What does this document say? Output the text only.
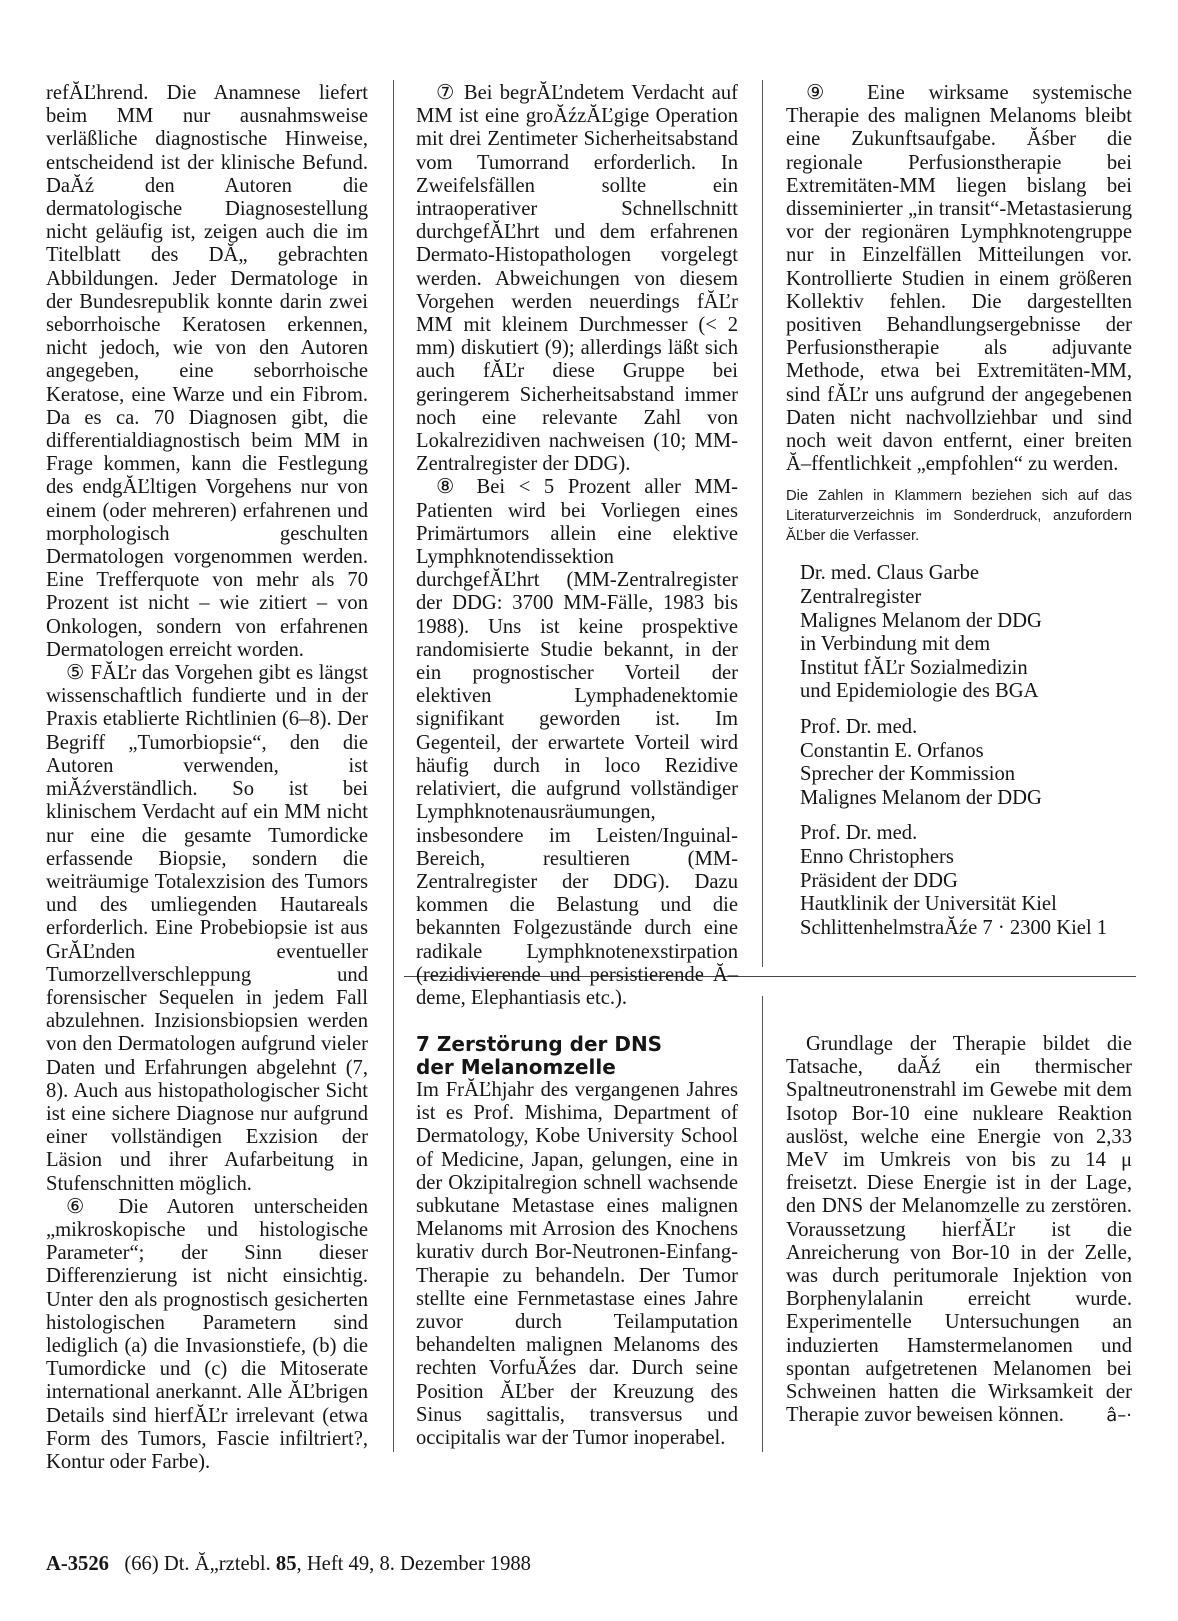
refĂĽhrend. Die Anamnese liefert beim MM nur ausnahmsweise verläßliche diagnostische Hinweise, entscheidend ist der klinische Befund. DaĂź den Autoren die dermatologische Diagnosestellung nicht geläufig ist, zeigen auch die im Titelblatt des DĂ„ gebrachten Abbildungen. Jeder Dermatologe in der Bundesrepublik konnte darin zwei seborrhoische Keratosen erkennen, nicht jedoch, wie von den Autoren angegeben, eine seborrhoische Keratose, eine Warze und ein Fibrom. Da es ca. 70 Diagnosen gibt, die differentialdiagnostisch beim MM in Frage kommen, kann die Festlegung des endgĂĽltigen Vorgehens nur von einem (oder mehreren) erfahrenen und morphologisch geschulten Dermatologen vorgenommen werden. Eine Trefferquote von mehr als 70 Prozent ist nicht – wie zitiert – von Onkologen, sondern von erfahrenen Dermatologen erreicht worden.

⑤ FĂĽr das Vorgehen gibt es längst wissenschaftlich fundierte und in der Praxis etablierte Richtlinien (6–8). Der Begriff „Tumorbiopsie“, den die Autoren verwenden, ist miĂźverständlich. So ist bei klinischem Verdacht auf ein MM nicht nur eine die gesamte Tumordicke erfassende Biopsie, sondern die weiträumige Totalexzision des Tumors und des umliegenden Hautareals erforderlich. Eine Probebiopsie ist aus GrĂĽnden eventueller Tumorzellverschleppung und forensischer Sequelen in jedem Fall abzulehnen. Inzisionsbiopsien werden von den Dermatologen aufgrund vieler Daten und Erfahrungen abgelehnt (7, 8). Auch aus histopathologischer Sicht ist eine sichere Diagnose nur aufgrund einer vollständigen Exzision der Läsion und ihrer Aufarbeitung in Stufenschnitten möglich.

⑥ Die Autoren unterscheiden „mikroskopische und histologische Parameter“; der Sinn dieser Differenzierung ist nicht einsichtig. Unter den als prognostisch gesicherten histologischen Parametern sind lediglich (a) die Invasionstiefe, (b) die Tumordicke und (c) die Mitoserate international anerkannt. Alle ĂĽbrigen Details sind hierfĂĽr irrelevant (etwa Form des Tumors, Fascie infiltriert?, Kontur oder Farbe).

⑦ Bei begrĂĽndetem Verdacht auf MM ist eine groĂźzĂĽgige Operation mit drei Zentimeter Sicherheitsabstand vom Tumorrand erforderlich. In Zweifelsfällen sollte ein intraoperativer Schnellschnitt durchgefĂĽhrt und dem erfahrenen Dermato-Histopathologen vorgelegt werden. Abweichungen von diesem Vorgehen werden neuerdings fĂĽr MM mit kleinem Durchmesser (< 2 mm) diskutiert (9); allerdings läßt sich auch fĂĽr diese Gruppe bei geringerem Sicherheitsabstand immer noch eine relevante Zahl von Lokalrezidiven nachweisen (10; MM-Zentralregister der DDG).

⑧ Bei < 5 Prozent aller MM-Patienten wird bei Vorliegen eines Primärtumors allein eine elektive Lymphknotendissektion durchgefĂĽhrt (MM-Zentralregister der DDG: 3700 MM-Fälle, 1983 bis 1988). Uns ist keine prospektive randomisierte Studie bekannt, in der ein prognostischer Vorteil der elektiven Lymphadenektomie signifikant geworden ist. Im Gegenteil, der erwartete Vorteil wird häufig durch in loco Rezidive relativiert, die aufgrund vollständiger Lymphknotenausräumungen, insbesondere im Leisten/Inguinal-Bereich, resultieren (MM-Zentralregister der DDG). Dazu kommen die Belastung und die bekannten Folgezustände durch eine radikale Lymphknotenexstirpation (rezidivierende und persistierende Ă–deme, Elephantiasis etc.).

⑨ Eine wirksame systemische Therapie des malignen Melanoms bleibt eine Zukunftsaufgabe. Ăśber die regionale Perfusionstherapie bei Extremitäten-MM liegen bislang bei disseminierter „in transit“-Metastasierung vor der regionären Lymphknotengruppe nur in Einzelfällen Mitteilungen vor. Kontrollierte Studien in einem größeren Kollektiv fehlen. Die dargestellten positiven Behandlungsergebnisse der Perfusionstherapie als adjuvante Methode, etwa bei Extremitäten-MM, sind fĂĽr uns aufgrund der angegebenen Daten nicht nachvollziehbar und sind noch weit davon entfernt, einer breiten Ă–ffentlichkeit „empfohlen“ zu werden.

Die Zahlen in Klammern beziehen sich auf das Literaturverzeichnis im Sonderdruck, anzufordern ĂĽber die Verfasser.

Dr. med. Claus Garbe
Zentralregister
Malignes Melanom der DDG
in Verbindung mit dem
Institut fĂĽr Sozialmedizin
und Epidemiologie des BGA
Prof. Dr. med.
Constantin E. Orfanos
Sprecher der Kommission
Malignes Melanom der DDG
Prof. Dr. med.
Enno Christophers
Präsident der DDG
Hautklinik der Universität Kiel
SchlittenhelmstraĂźe 7 · 2300 Kiel 1
7 Zerstörung der DNS
der Melanomzelle

Im FrĂĽhjahr des vergangenen Jahres ist es Prof. Mishima, Department of Dermatology, Kobe University School of Medicine, Japan, gelungen, eine in der Okzipitalregion schnell wachsende subkutane Metastase eines malignen Melanoms mit Arrosion des Knochens kurativ durch Bor-Neutronen-Einfang-Therapie zu behandeln. Der Tumor stellte eine Fernmetastase eines Jahre zuvor durch Teilamputation behandelten malignen Melanoms des rechten VorfuĂźes dar. Durch seine Position ĂĽber der Kreuzung des Sinus sagittalis, transversus und occipitalis war der Tumor inoperabel.

Grundlage der Therapie bildet die Tatsache, daĂź ein thermischer Spaltneutronenstrahl im Gewebe mit dem Isotop Bor-10 eine nukleare Reaktion auslöst, welche eine Energie von 2,33 MeV im Umkreis von bis zu 14 μ freisetzt. Diese Energie ist in der Lage, den DNS der Melanomzelle zu zerstören. Voraussetzung hierfĂĽr ist die Anreicherung von Bor-10 in der Zelle, was durch peritumorale Injektion von Borphenylalanin erreicht wurde. Experimentelle Untersuchungen an induzierten Hamstermelanomen und spontan aufgetretenen Melanomen bei Schweinen hatten die Wirksamkeit der Therapie zuvor beweisen können.	â–·

A-3526 (66) Dt. Ă„rztebl. 85, Heft 49, 8. Dezember 1988
